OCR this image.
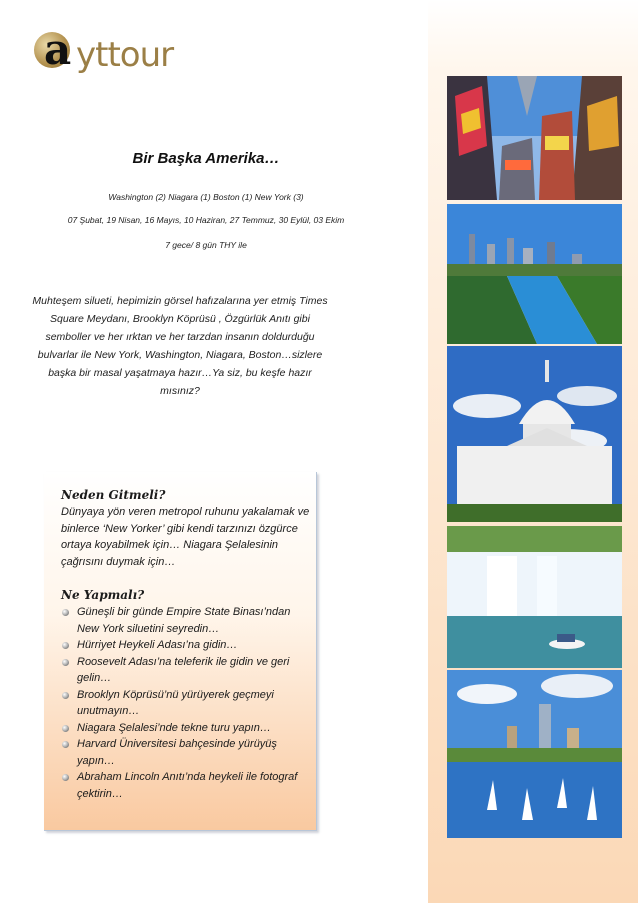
a yttour
Bir Başka Amerika…
Washington (2) Niagara (1) Boston (1) New York (3)
07 Şubat, 19 Nisan, 16 Mayıs, 10 Haziran, 27 Temmuz, 30 Eylül, 03 Ekim
7 gece/ 8 gün THY ile
Muhteşem silueti, hepimizin görsel hafızalarına yer etmiş Times Square Meydanı, Brooklyn Köprüsü , Özgürlük Anıtı gibi semboller ve her ırktan ve her tarzdan insanın doldurduğu bulvarlar ile New York, Washington, Niagara, Boston…sizlere başka bir masal yaşatmaya hazır…Ya siz, bu keşfe hazır mısınız?
Neden Gitmeli?

Dünyaya yön veren metropol ruhunu yakalamak ve binlerce ‘New Yorker’ gibi kendi tarzınızı özgürce ortaya koyabilmek için… Niagara Şelalesinin çağrısını duymak için…

Ne Yapmalı?
Güneşli bir günde Empire State Binası’ndan New York siluetini seyredin…
Hürriyet Heykeli Adası’na gidin…
Roosevelt Adası’na teleferik ile gidin ve geri gelin…
Brooklyn Köprüsü’nü yürüyerek geçmeyi unutmayın…
Niagara Şelalesi’nde tekne turu yapın…
Harvard Üniversitesi bahçesinde yürüyüş yapın…
Abraham Lincoln Anıtı’nda heykeli ile fotograf çektirin…
